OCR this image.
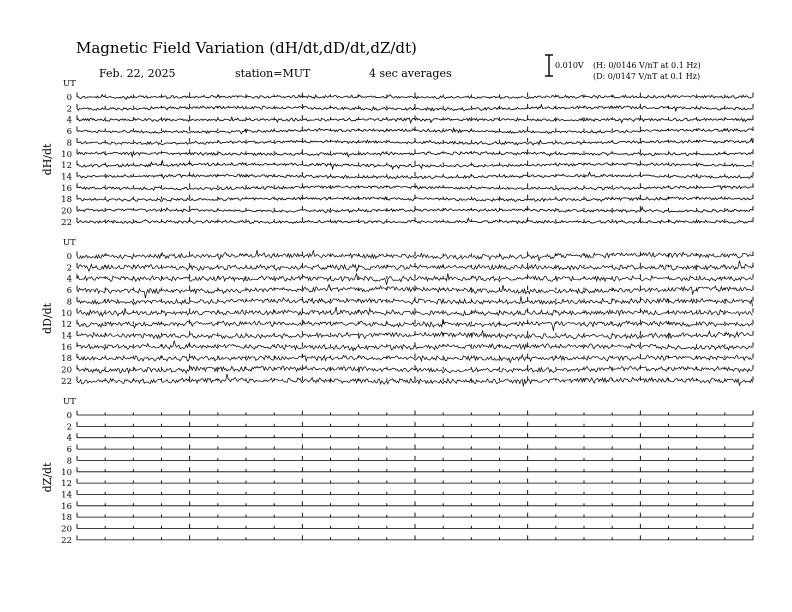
Magnetic Field Variation (dH/dt,dD/dt,dZ/dt)
Feb. 22, 2025	station=MUT	4 sec averages
0.010V (H: 0/0146 V/nT at 0.1 Hz)
(D: 0/0147 V/nT at 0.1 Hz)
UT
dH/dt
0
2
4
6
8
10
12
14
16
18
20
22
UT
dD/dt
0
2
4
6
8
10
12
14
16
18
20
22
UT
dZ/dt
0
2
4
6
8
10
12
14
16
18
20
22
